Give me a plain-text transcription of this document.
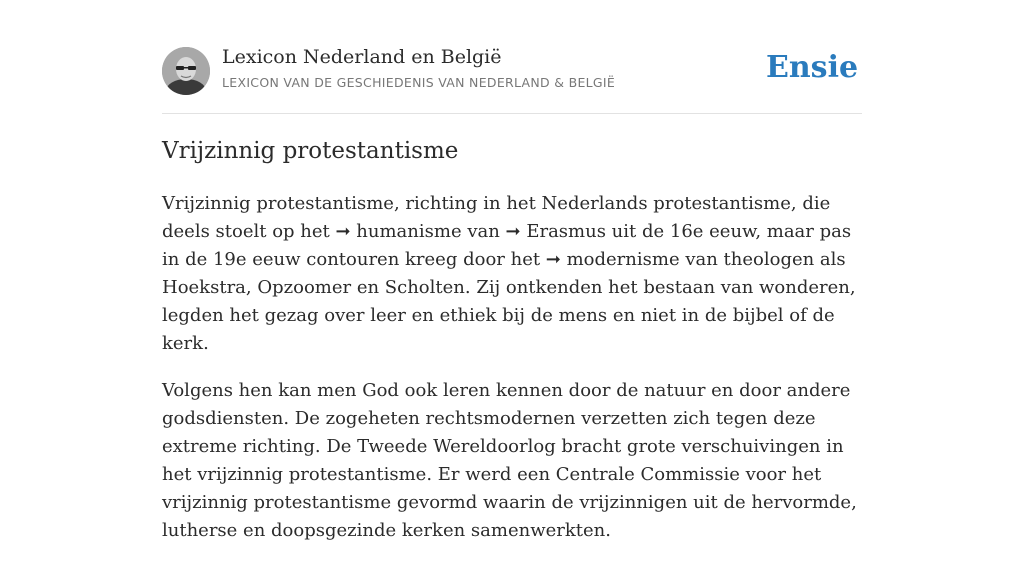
Lexicon Nederland en België
LEXICON VAN DE GESCHIEDENIS VAN NEDERLAND & BELGIË	Ensie
Vrijzinnig protestantisme

Vrijzinnig protestantisme, richting in het Nederlands protestantisme, die deels stoelt op het ➞ humanisme van ➞ Erasmus uit de 16e eeuw, maar pas in de 19e eeuw contouren kreeg door het ➞ modernisme van theologen als Hoekstra, Opzoomer en Scholten. Zij ontkenden het bestaan van wonderen, legden het gezag over leer en ethiek bij de mens en niet in de bijbel of de kerk.

Volgens hen kan men God ook leren kennen door de natuur en door andere godsdiensten. De zogeheten rechtsmodernen verzetten zich tegen deze extreme richting. De Tweede Wereldoorlog bracht grote verschuivingen in het vrijzinnig protestantisme. Er werd een Centrale Commissie voor het vrijzinnig protestantisme gevormd waarin de vrijzinnigen uit de hervormde, lutherse en doopsgezinde kerken samenwerkten.
